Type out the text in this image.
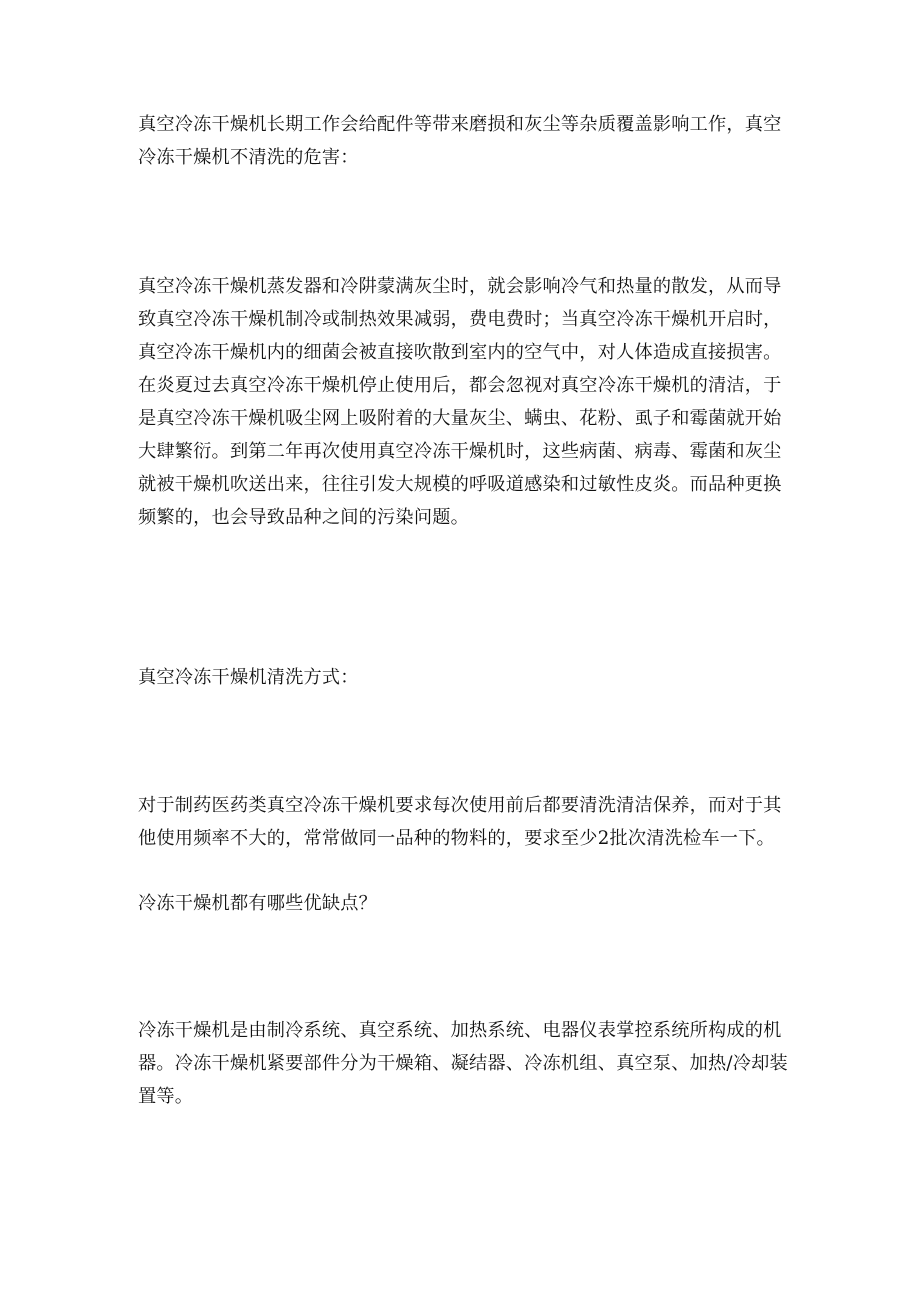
真空冷冻干燥机长期工作会给配件等带来磨损和灰尘等杂质覆盖影响工作，真空冷冻干燥机不清洗的危害：

真空冷冻干燥机蒸发器和冷阱蒙满灰尘时，就会影响冷气和热量的散发，从而导致真空冷冻干燥机制冷或制热效果减弱，费电费时；当真空冷冻干燥机开启时，真空冷冻干燥机内的细菌会被直接吹散到室内的空气中，对人体造成直接损害。在炎夏过去真空冷冻干燥机停止使用后，都会忽视对真空冷冻干燥机的清洁，于是真空冷冻干燥机吸尘网上吸附着的大量灰尘、螨虫、花粉、虱子和霉菌就开始大肆繁衍。到第二年再次使用真空冷冻干燥机时，这些病菌、病毒、霉菌和灰尘就被干燥机吹送出来，往往引发大规模的呼吸道感染和过敏性皮炎。而品种更换频繁的，也会导致品种之间的污染问题。

真空冷冻干燥机清洗方式：

对于制药医药类真空冷冻干燥机要求每次使用前后都要清洗清洁保养，而对于其他使用频率不大的，常常做同一品种的物料的，要求至少2批次清洗检车一下。

冷冻干燥机都有哪些优缺点？

冷冻干燥机是由制冷系统、真空系统、加热系统、电器仪表掌控系统所构成的机器。冷冻干燥机紧要部件分为干燥箱、凝结器、冷冻机组、真空泵、加热/冷却装置等。
